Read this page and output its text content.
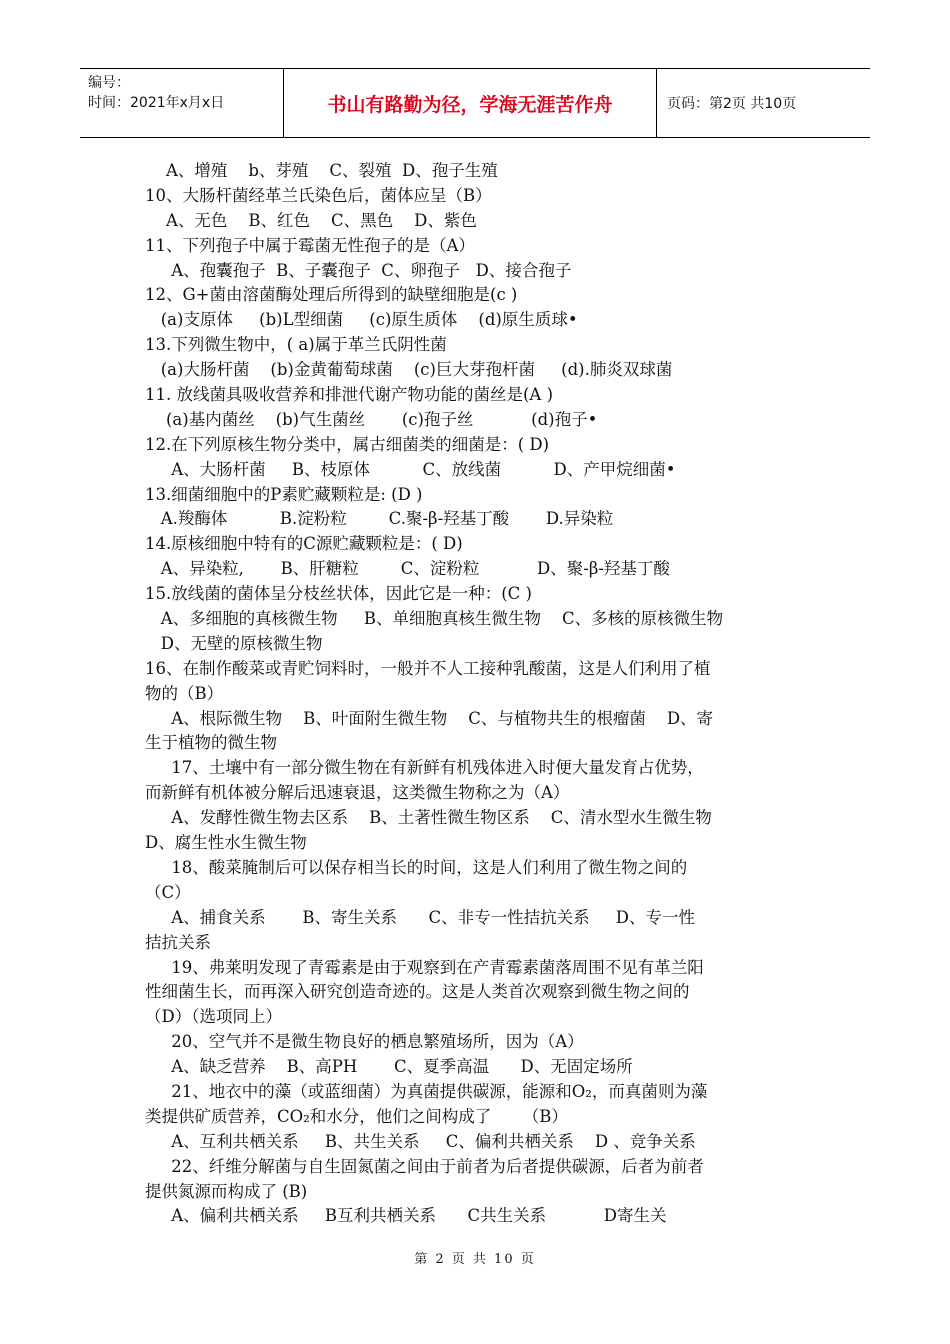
编号：
时间：2021年x月x日	书山有路勤为径，学海无涯苦作舟	页码：第2页 共10页
A、增殖    b、芽殖    C、裂殖  D、孢子生殖
10、大肠杆菌经革兰氏染色后，菌体应呈（B）
A、无色    B、红色    C、黑色    D、紫色
11、下列孢子中属于霉菌无性孢子的是（A）
A、孢囊孢子  B、子囊孢子  C、卵孢子   D、接合孢子
12、G+菌由溶菌酶处理后所得到的缺壁细胞是(c )
(a)支原体     (b)L型细菌     (c)原生质体    (d)原生质球•
13.下列微生物中，( a)属于革兰氏阴性菌
(a)大肠杆菌    (b)金黄葡萄球菌    (c)巨大芽孢杆菌     (d).肺炎双球菌
11. 放线菌具吸收营养和排泄代谢产物功能的菌丝是(A )
(a)基内菌丝    (b)气生菌丝       (c)孢子丝           (d)孢子•
12.在下列原核生物分类中，属古细菌类的细菌是：( D)
A、大肠杆菌     B、枝原体          C、放线菌          D、产甲烷细菌•
13.细菌细胞中的P素贮藏颗粒是: (D )
A.羧酶体          B.淀粉粒        C.聚-β-羟基丁酸       D.异染粒
14.原核细胞中特有的C源贮藏颗粒是：( D)
A、异染粒,       B、肝糖粒        C、淀粉粒           D、聚-β-羟基丁酸
15.放线菌的菌体呈分枝丝状体，因此它是一种：(C )
A、多细胞的真核微生物     B、单细胞真核生微生物    C、多核的原核微生物
D、无壁的原核微生物
16、在制作酸菜或青贮饲料时，一般并不人工接种乳酸菌，这是人们利用了植
物的（B）
A、根际微生物    B、叶面附生微生物    C、与植物共生的根瘤菌    D、寄
生于植物的微生物
17、土壤中有一部分微生物在有新鲜有机残体进入时便大量发育占优势，
而新鲜有机体被分解后迅速衰退，这类微生物称之为（A）
A、发酵性微生物去区系    B、土著性微生物区系    C、清水型水生微生物
D、腐生性水生微生物
18、酸菜腌制后可以保存相当长的时间，这是人们利用了微生物之间的
（C）
A、捕食关系       B、寄生关系      C、非专一性拮抗关系     D、专一性
拮抗关系
19、弗莱明发现了青霉素是由于观察到在产青霉素菌落周围不见有革兰阳
性细菌生长，而再深入研究创造奇迹的。这是人类首次观察到微生物之间的
（D）（选项同上）
20、空气并不是微生物良好的栖息繁殖场所，因为（A）
A、缺乏营养    B、高PH       C、夏季高温      D、无固定场所
21、地衣中的藻（或蓝细菌）为真菌提供碳源，能源和O₂，而真菌则为藻
类提供矿质营养，CO₂和水分，他们之间构成了      （B）
A、互利共栖关系     B、共生关系     C、偏利共栖关系    D 、竞争关系
22、纤维分解菌与自生固氮菌之间由于前者为后者提供碳源，后者为前者
提供氮源而构成了 (B)
A、偏利共栖关系     B互利共栖关系      C共生关系           D寄生关
第 2 页 共 10 页
